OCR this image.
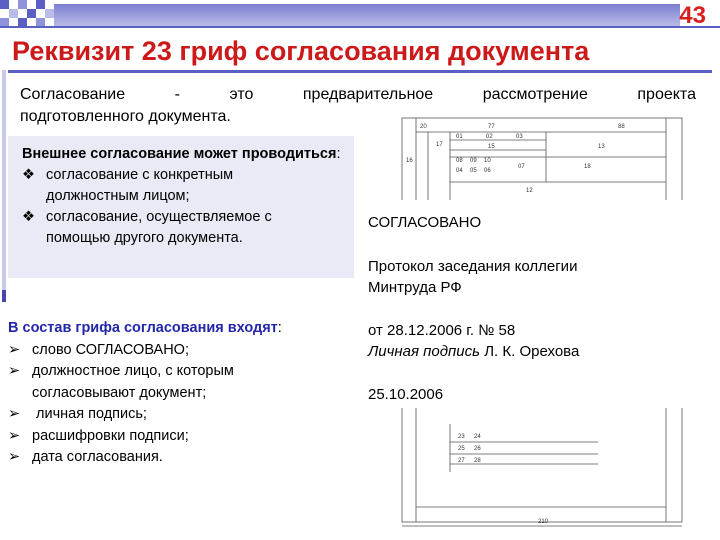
43
Реквизит 23 гриф согласования документа
Согласование	-	это	предварительное	рассмотрение	проекта
подготовленного документа.
20	77	88
01	02	03
08 09 10
04 05 06
16
17	15	13
07	18
12
23 24
25 26
27 28
210
Внешнее согласование может проводиться:
❖ согласование с конкретным
должностным лицом;
❖ согласование, осуществляемое с
помощью другого документа.
В состав грифа согласования входят:
➢ слово СОГЛАСОВАНО;
➢ должностное лицо, с которым
согласовывают документ;
➢ личная подпись;
➢ расшифровки подписи;
➢ дата согласования.
СОГЛАСОВАНО
Протокол заседания коллегии
Минтруда РФ
от 28.12.2006 г. № 58
Личная подпись Л. К. Орехова
25.10.2006
